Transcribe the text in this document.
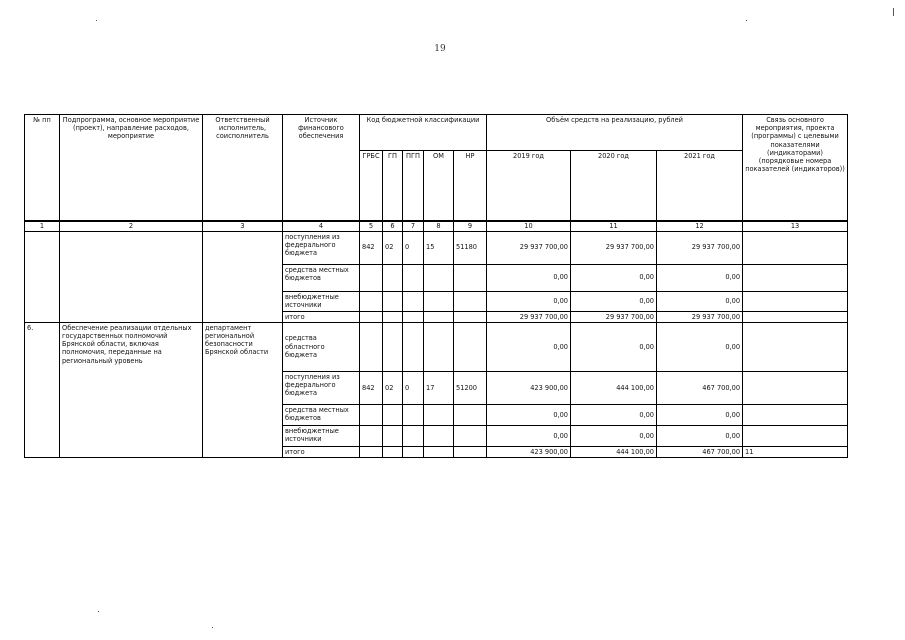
19
№ пп	Подпрограмма, основное мероприятие (проект), направление расходов, мероприятие	Ответственный исполнитель, соисполнитель	Источник финансового обеспечения	Код бюджетной классификации					Объём средств на реализацию, рублей			Связь основного мероприятия, проекта (программы) с целевыми показателями (индикаторами) (порядковые номера показателей (индикаторов))
				ГРБС	ГП	ПГП	ОМ	НР	2019 год	2020 год	2021 год	
1	2	3	4	5	6	7	8	9	10	11	12	13
			поступления из федерального бюджета	842	02	0	15	51180	29 937 700,00	29 937 700,00	29 937 700,00	
			средства местных бюджетов						0,00	0,00	0,00	
			внебюджетные источники						0,00	0,00	0,00	
			итого						29 937 700,00	29 937 700,00	29 937 700,00	
6.	Обеспечение реализации отдельных государственных полномочий Брянской области, включая полномочия, переданные на региональный уровень	департамент региональной безопасности Брянской области	средства областного бюджета						0,00	0,00	0,00	
			поступления из федерального бюджета	842	02	0	17	51200	423 900,00	444 100,00	467 700,00	
			средства местных бюджетов						0,00	0,00	0,00	
			внебюджетные источники						0,00	0,00	0,00	
			итого						423 900,00	444 100,00	467 700,00	11
